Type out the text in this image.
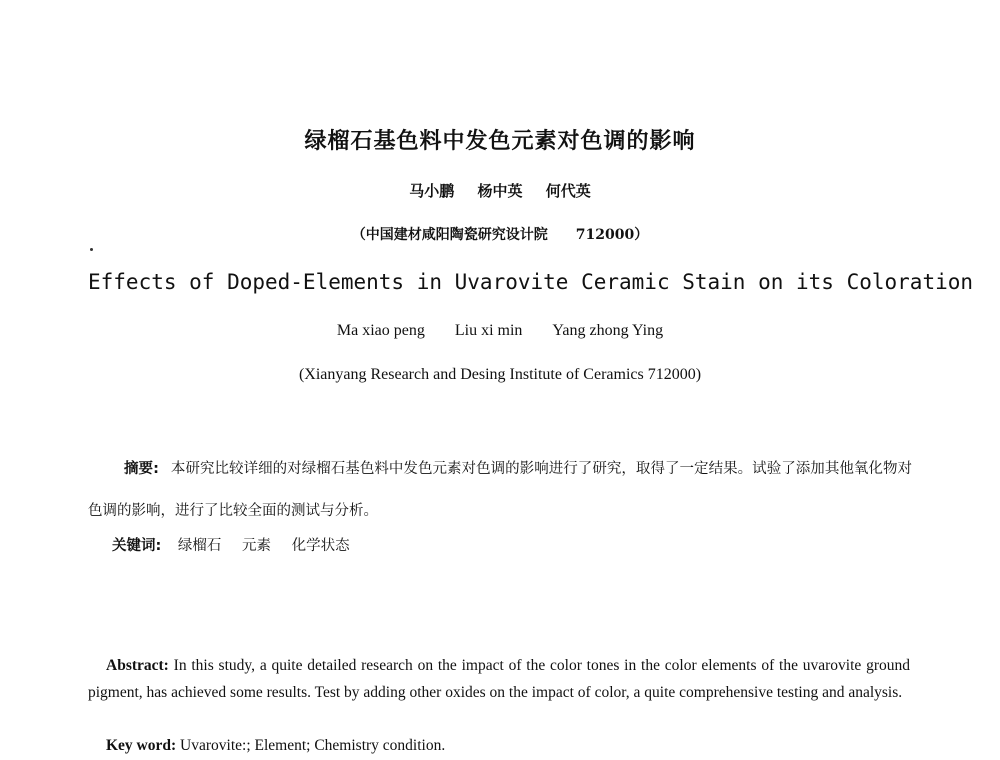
绿榴石基色料中发色元素对色调的影响
马小鹏 杨中英 何代英
（中国建材咸阳陶瓷研究设计院 712000）
Effects of Doped-Elements in Uvarovite Ceramic Stain on its Coloration
Ma xiao peng Liu xi min Yang zhong Ying
(Xianyang Research and Desing Institute of Ceramics 712000)
摘要: 本研究比较详细的对绿榴石基色料中发色元素对色调的影响进行了研究，取得了一定结果。试验了添加其他氧化物对色调的影响，进行了比较全面的测试与分析。
关键词: 绿榴石 元素 化学状态
Abstract: In this study, a quite detailed research on the impact of the color tones in the color elements of the uvarovite ground pigment, has achieved some results. Test by adding other oxides on the impact of color, a quite comprehensive testing and analysis.
Key word: Uvarovite:; Element; Chemistry condition.
